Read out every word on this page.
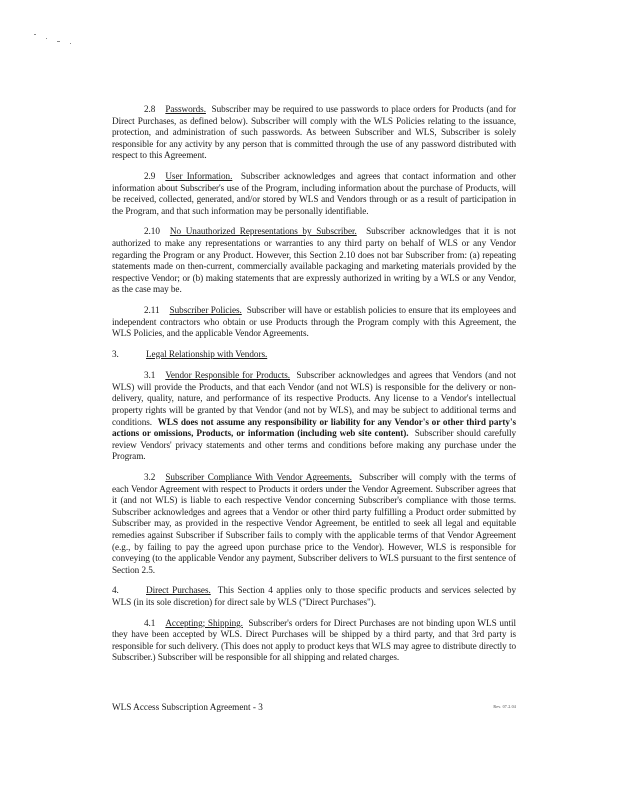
2.8 Passwords. Subscriber may be required to use passwords to place orders for Products (and for Direct Purchases, as defined below). Subscriber will comply with the WLS Policies relating to the issuance, protection, and administration of such passwords. As between Subscriber and WLS, Subscriber is solely responsible for any activity by any person that is committed through the use of any password distributed with respect to this Agreement.

2.9 User Information. Subscriber acknowledges and agrees that contact information and other information about Subscriber's use of the Program, including information about the purchase of Products, will be received, collected, generated, and/or stored by WLS and Vendors through or as a result of participation in the Program, and that such information may be personally identifiable.

2.10 No Unauthorized Representations by Subscriber. Subscriber acknowledges that it is not authorized to make any representations or warranties to any third party on behalf of WLS or any Vendor regarding the Program or any Product. However, this Section 2.10 does not bar Subscriber from: (a) repeating statements made on then-current, commercially available packaging and marketing materials provided by the respective Vendor; or (b) making statements that are expressly authorized in writing by a WLS or any Vendor, as the case may be.

2.11 Subscriber Policies. Subscriber will have or establish policies to ensure that its employees and independent contractors who obtain or use Products through the Program comply with this Agreement, the WLS Policies, and the applicable Vendor Agreements.

3.	Legal Relationship with Vendors.

3.1 Vendor Responsible for Products. Subscriber acknowledges and agrees that Vendors (and not WLS) will provide the Products, and that each Vendor (and not WLS) is responsible for the delivery or non-delivery, quality, nature, and performance of its respective Products. Any license to a Vendor's intellectual property rights will be granted by that Vendor (and not by WLS), and may be subject to additional terms and conditions. WLS does not assume any responsibility or liability for any Vendor's or other third party's actions or omissions, Products, or information (including web site content). Subscriber should carefully review Vendors' privacy statements and other terms and conditions before making any purchase under the Program.

3.2 Subscriber Compliance With Vendor Agreements. Subscriber will comply with the terms of each Vendor Agreement with respect to Products it orders under the Vendor Agreement. Subscriber agrees that it (and not WLS) is liable to each respective Vendor concerning Subscriber's compliance with those terms. Subscriber acknowledges and agrees that a Vendor or other third party fulfilling a Product order submitted by Subscriber may, as provided in the respective Vendor Agreement, be entitled to seek all legal and equitable remedies against Subscriber if Subscriber fails to comply with the applicable terms of that Vendor Agreement (e.g., by failing to pay the agreed upon purchase price to the Vendor). However, WLS is responsible for conveying (to the applicable Vendor any payment, Subscriber delivers to WLS pursuant to the first sentence of Section 2.5.

4.	Direct Purchases. This Section 4 applies only to those specific products and services selected by WLS (in its sole discretion) for direct sale by WLS ("Direct Purchases").

4.1 Accepting; Shipping. Subscriber's orders for Direct Purchases are not binding upon WLS until they have been accepted by WLS. Direct Purchases will be shipped by a third party, and that 3rd party is responsible for such delivery. (This does not apply to product keys that WLS may agree to distribute directly to Subscriber.) Subscriber will be responsible for all shipping and related charges.

WLS Access Subscription Agreement - 3	Rev. 07.2.04
